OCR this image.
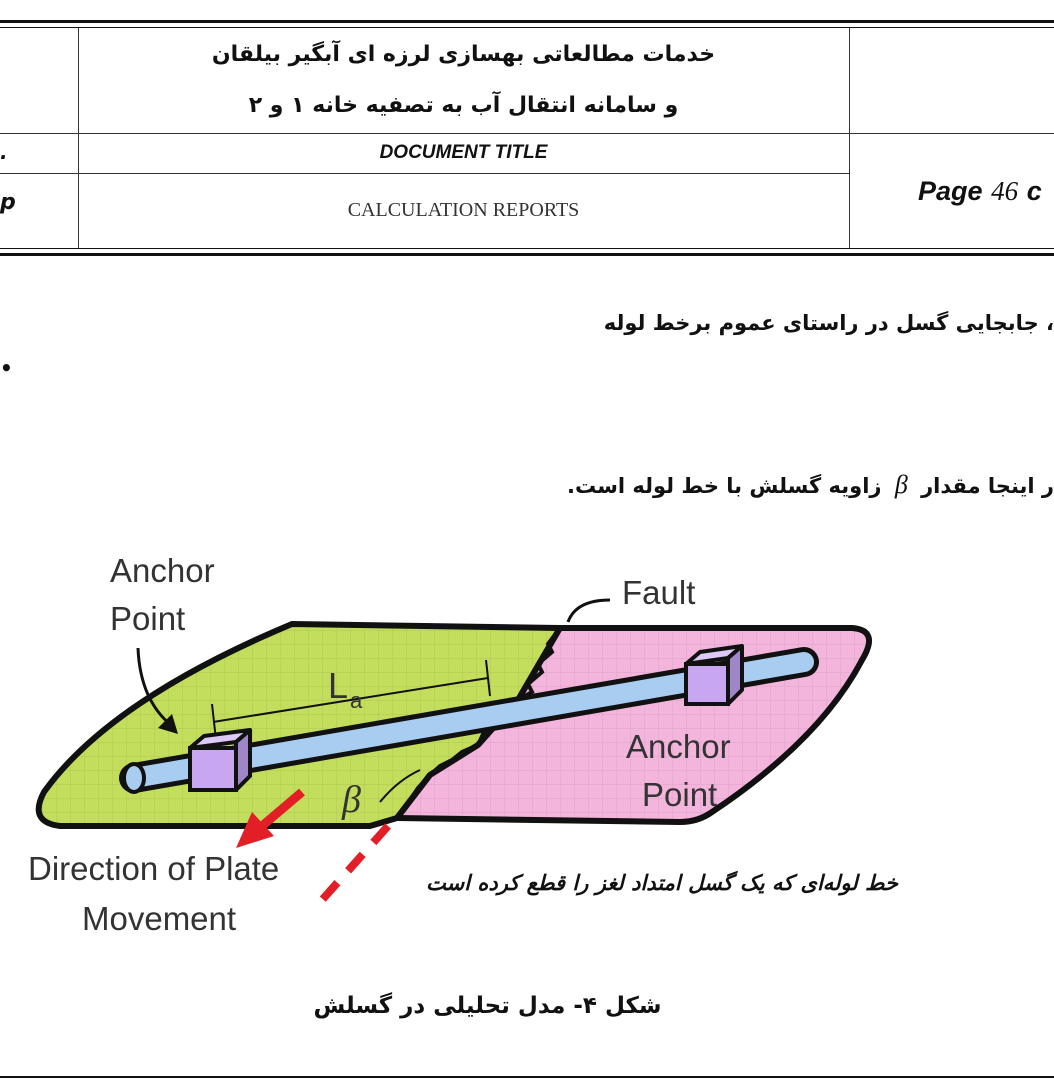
خدمات مطالعاتی بهسازی لرزه ای آبگیر بیلقان
و سامانه انتقال آب به تصفیه خانه ۱ و ۲
DOCUMENT TITLE
CALCULATION REPORTS
Page 46 c
.
p
، جابجایی گسل در راستای عموم برخط لوله
•
ر اینجا مقدار β زاویه گسلش با خط لوله است.
Anchor
Point
Fault
L a
Anchor
Point
β
Direction of Plate
Movement
خط لوله‌ای که یک گسل امتداد لغز را قطع کرده است
شکل ۴- مدل تحلیلی در گسلش
